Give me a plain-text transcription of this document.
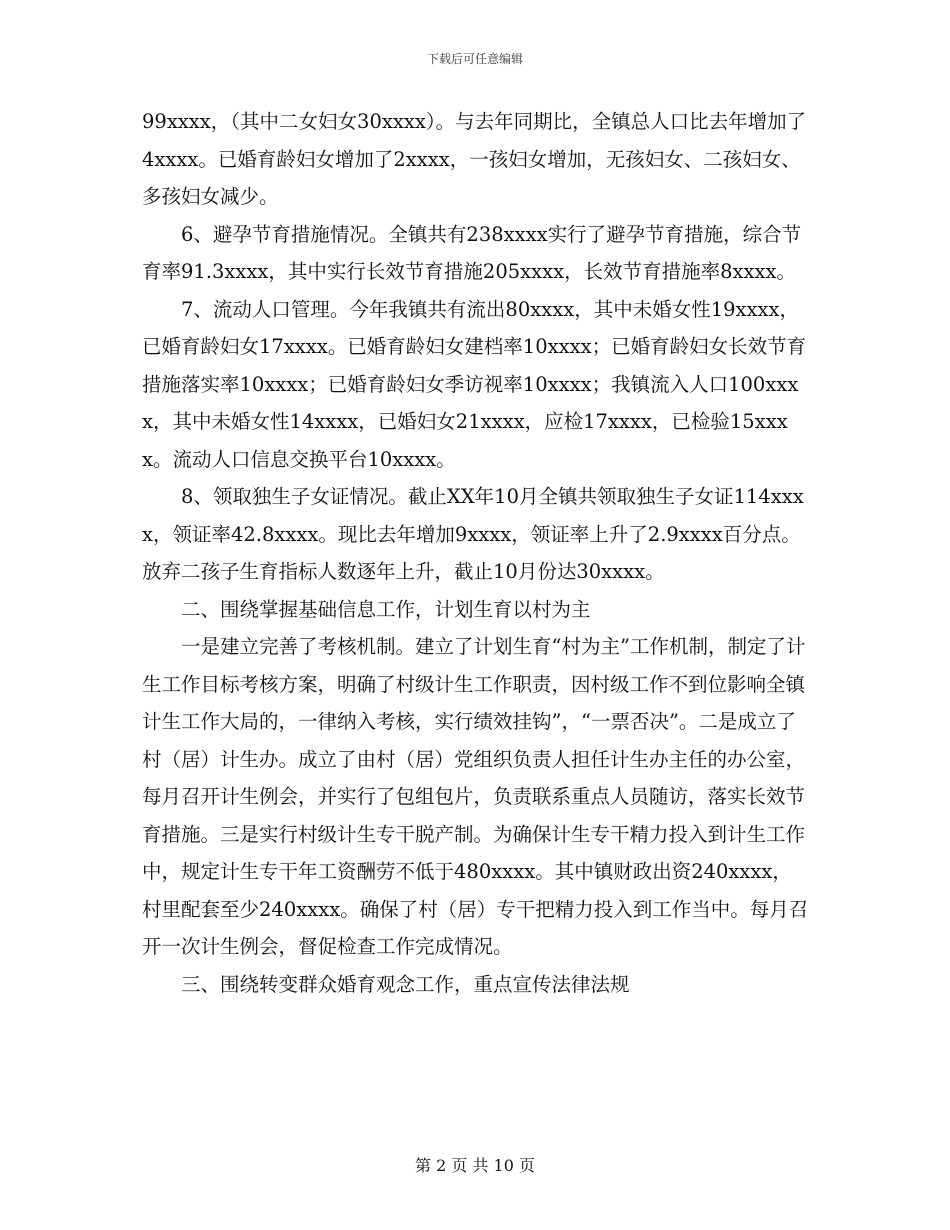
下载后可任意编辑

99xxxx，（其中二女妇女30xxxx）。与去年同期比，全镇总人口比去年增加了4xxxx。已婚育龄妇女增加了2xxxx，一孩妇女增加，无孩妇女、二孩妇女、多孩妇女减少。

6、避孕节育措施情况。全镇共有238xxxx实行了避孕节育措施，综合节育率91.3xxxx，其中实行长效节育措施205xxxx，长效节育措施率8xxxx。

7、流动人口管理。今年我镇共有流出80xxxx，其中未婚女性19xxxx，已婚育龄妇女17xxxx。已婚育龄妇女建档率10xxxx；已婚育龄妇女长效节育措施落实率10xxxx；已婚育龄妇女季访视率10xxxx；我镇流入人口100xxxx，其中未婚女性14xxxx，已婚妇女21xxxx，应检17xxxx，已检验15xxxx。流动人口信息交换平台10xxxx。

8、领取独生子女证情况。截止XX年10月全镇共领取独生子女证114xxxx，领证率42.8xxxx。现比去年增加9xxxx，领证率上升了2.9xxxx百分点。放弃二孩子生育指标人数逐年上升，截止10月份达30xxxx。

二、围绕掌握基础信息工作，计划生育以村为主

一是建立完善了考核机制。建立了计划生育“村为主”工作机制，制定了计生工作目标考核方案，明确了村级计生工作职责，因村级工作不到位影响全镇计生工作大局的，一律纳入考核，实行绩效挂钩”，“一票否决”。二是成立了村（居）计生办。成立了由村（居）党组织负责人担任计生办主任的办公室，每月召开计生例会，并实行了包组包片，负责联系重点人员随访，落实长效节育措施。三是实行村级计生专干脱产制。为确保计生专干精力投入到计生工作中，规定计生专干年工资酬劳不低于480xxxx。其中镇财政出资240xxxx，村里配套至少240xxxx。确保了村（居）专干把精力投入到工作当中。每月召开一次计生例会，督促检查工作完成情况。

三、围绕转变群众婚育观念工作，重点宣传法律法规

第 2 页 共 10 页
